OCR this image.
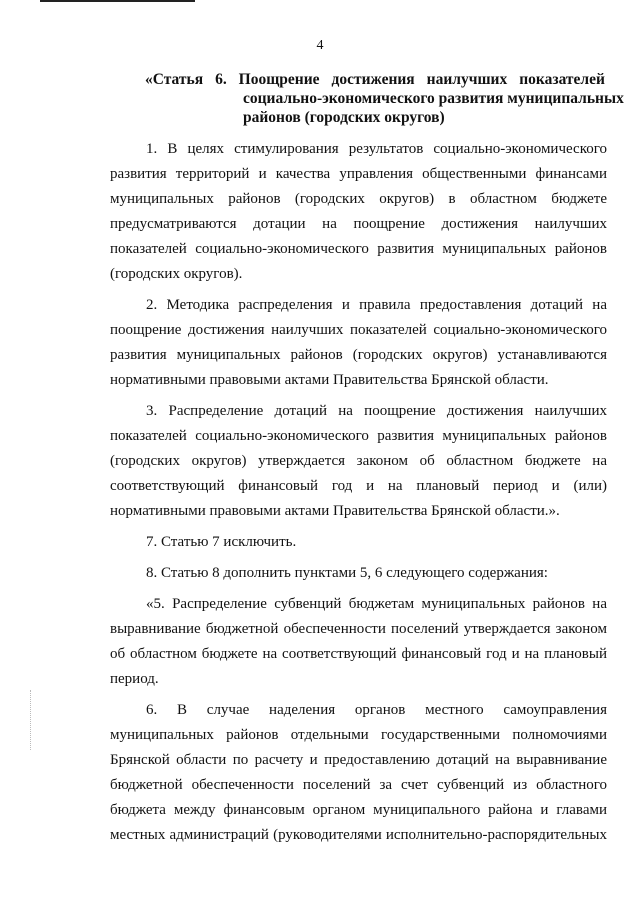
4
«Статья 6. Поощрение достижения наилучших показателей
социально-экономического развития муниципальных
районов (городских округов)
1. В целях стимулирования результатов социально-экономического
развития территорий и качества управления общественными финансами
муниципальных районов (городских округов) в областном бюджете
предусматриваются дотации на поощрение достижения наилучших
показателей социально-экономического развития муниципальных районов
(городских округов).
2. Методика распределения и правила предоставления дотаций на
поощрение достижения наилучших показателей социально-экономического
развития муниципальных районов (городских округов) устанавливаются
нормативными правовыми актами Правительства Брянской области.
3. Распределение дотаций на поощрение достижения наилучших
показателей социально-экономического развития муниципальных районов
(городских округов) утверждается законом об областном бюджете на
соответствующий финансовый год и на плановый период и (или)
нормативными правовыми актами Правительства Брянской области.».
7. Статью 7 исключить.
8. Статью 8 дополнить пунктами 5, 6 следующего содержания:
«5. Распределение субвенций бюджетам муниципальных районов на
выравнивание бюджетной обеспеченности поселений утверждается законом
об областном бюджете на соответствующий финансовый год и на плановый
период.
6. В случае наделения органов местного самоуправления
муниципальных районов отдельными государственными полномочиями
Брянской области по расчету и предоставлению дотаций на выравнивание
бюджетной обеспеченности поселений за счет субвенций из областного
бюджета между финансовым органом муниципального района и главами
местных администраций (руководителями исполнительно-распорядительных
